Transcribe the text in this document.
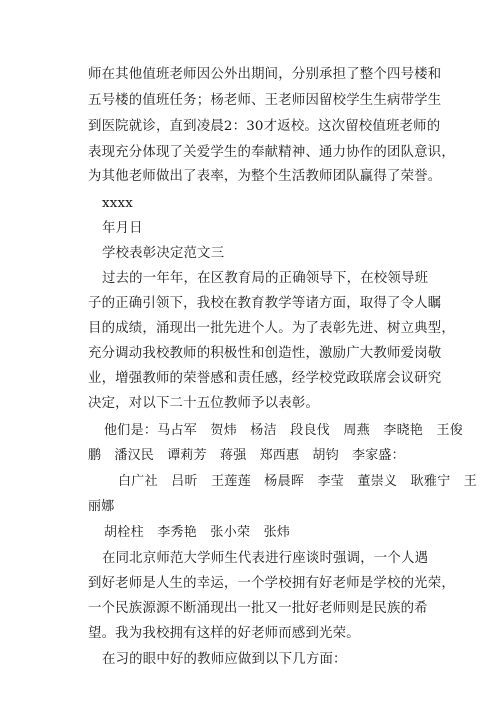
师在其他值班老师因公外出期间，分别承担了整个四号楼和
五号楼的值班任务；杨老师、王老师因留校学生生病带学生
到医院就诊，直到凌晨2：30才返校。这次留校值班老师的
表现充分体现了关爱学生的奉献精神、通力协作的团队意识，
为其他老师做出了表率，为整个生活教师团队赢得了荣誉。
xxxx
年月日
学校表彰决定范文三
过去的一年年，在区教育局的正确领导下，在校领导班
子的正确引领下，我校在教育教学等诸方面，取得了令人瞩
目的成绩，涌现出一批先进个人。为了表彰先进、树立典型，
充分调动我校教师的积极性和创造性，激励广大教师爱岗敬
业，增强教师的荣誉感和责任感，经学校党政联席会议研究
决定，对以下二十五位教师予以表彰。
他们是：马占军　贺炜　杨洁　段良伐　周燕　李晓艳　王俊
鹏　潘汉民　谭莉芳　蒋强　郑西惠　胡钧　李家盛：
白广社　吕昕　王莲莲　杨晨晖　李莹　董崇义　耿雅宁　王
丽娜
胡栓柱　李秀艳　张小荣　张炜
在同北京师范大学师生代表进行座谈时强调，一个人遇
到好老师是人生的幸运，一个学校拥有好老师是学校的光荣，
一个民族源源不断涌现出一批又一批好老师则是民族的希
望。我为我校拥有这样的好老师而感到光荣。
在习的眼中好的教师应做到以下几方面：
